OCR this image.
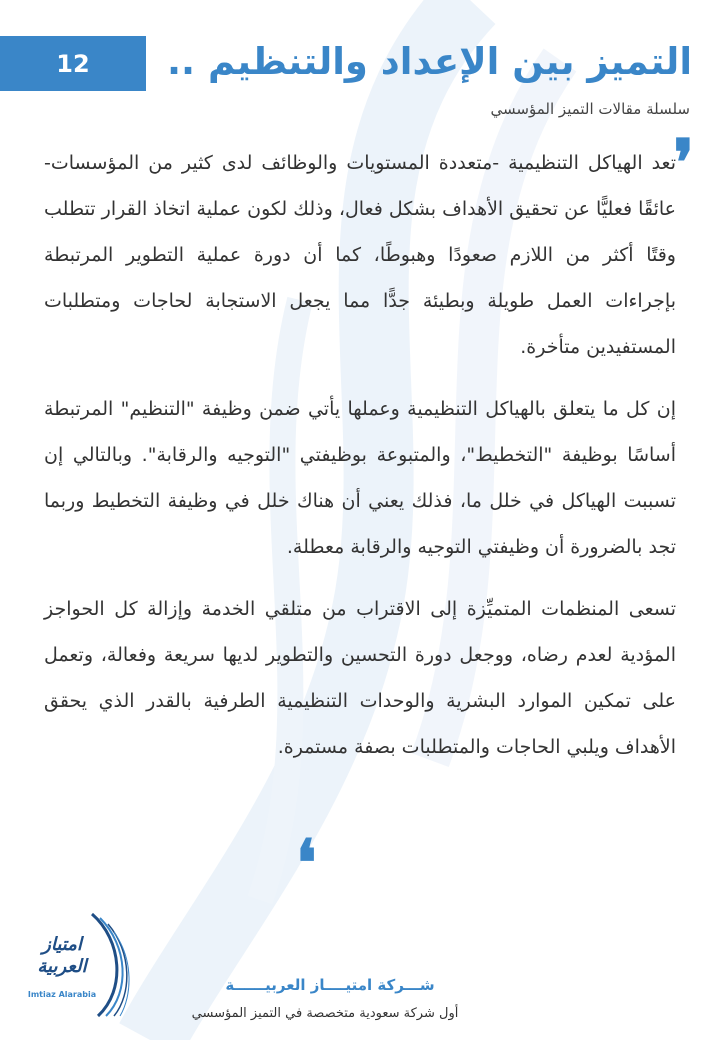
12 التميز بين الإعداد والتنظيم ..
سلسلة مقالات التميز المؤسسي
❜

تعد الهياكل التنظيمية -متعددة المستويات والوظائف لدى كثير من المؤسسات- عائقًا فعليًّا عن تحقيق الأهداف بشكل فعال، وذلك لكون عملية اتخاذ القرار تتطلب وقتًا أكثر من اللازم صعودًا وهبوطًا، كما أن دورة عملية التطوير المرتبطة بإجراءات العمل طويلة وبطيئة جدًّا مما يجعل الاستجابة لحاجات ومتطلبات المستفيدين متأخرة.

إن كل ما يتعلق بالهياكل التنظيمية وعملها يأتي ضمن وظيفة "التنظيم" المرتبطة أساسًا بوظيفة "التخطيط"، والمتبوعة بوظيفتي "التوجيه والرقابة". وبالتالي إن تسببت الهياكل في خلل ما، فذلك يعني أن هناك خلل في وظيفة التخطيط وربما تجد بالضرورة أن وظيفتي التوجيه والرقابة معطلة.

تسعى المنظمات المتميِّزة إلى الاقتراب من متلقي الخدمة وإزالة كل الحواجز المؤدية لعدم رضاه، ووجعل دورة التحسين والتطوير لديها سريعة وفعالة، وتعمل على تمكين الموارد البشرية والوحدات التنظيمية الطرفية بالقدر الذي يحقق الأهداف ويلبي الحاجات والمتطلبات بصفة مستمرة.

❛
امتياز العربية
Imtiaz Alarabia
شـــركة امتيــــاز العربيــــــة
أول شركة سعودية متخصصة في التميز المؤسسي
